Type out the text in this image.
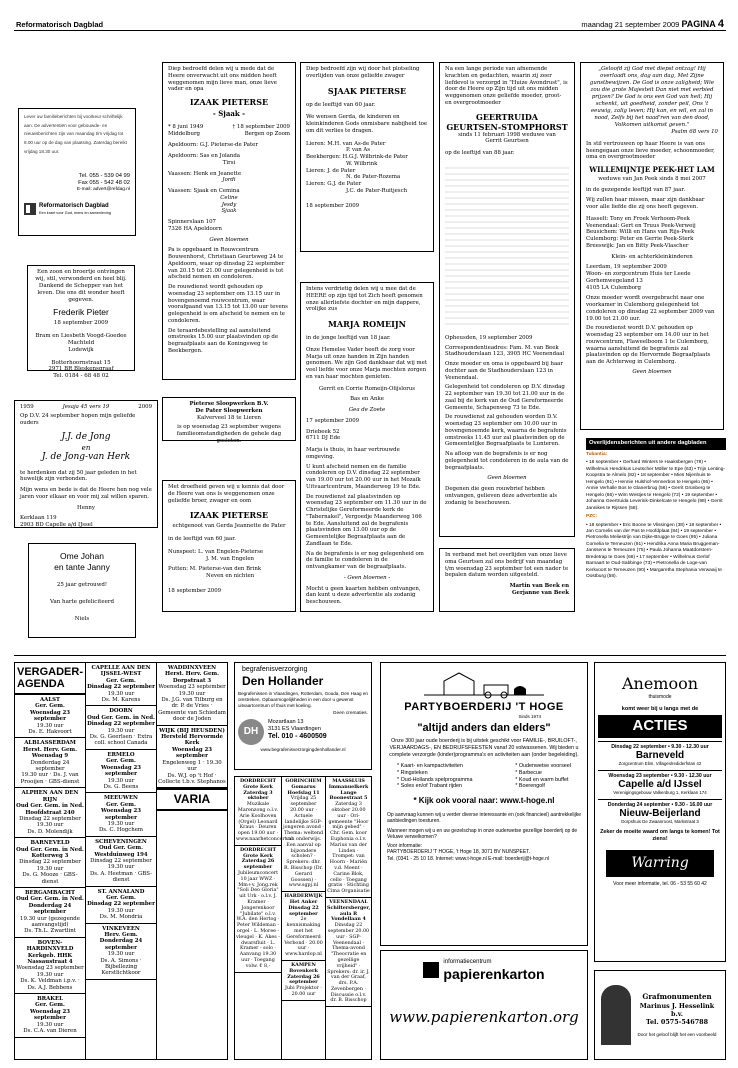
Reformatorisch Dagblad	maandag 21 september 2009 PAGINA 4
Lever uw familieberichten bij voorkeur schriftelijk aan. De advertentiën voor gebouwde- en nieuwsberichten zijn van maandag t/m vrijdag tot 8.00 uur op de dag van plaatsing. Zaterdag bereikt vrijdag 18.30 uur.
Tel. 055 - 539 04 99
Fax 055 - 542 48 02
E-mail: advert@refdag.nl
Reformatorisch Dagblad
Een krant voor God, mens en samenleving
Een zoon en broertje ontvingen wij, stil, verwonderd en heel blij. Dankend de Schepper van het leven. Die ons dit wonder heeft gegeven.
Frederik Pieter
18 september 2009
Bram en Liesbeth Voogd-Goedee
Machteld
Lodewijk
Botterhoornstraat 15
2971 BR Bleskensgraaf
Tel. 0184 - 68 48 02
1959	Jesaja 45 vers 19	2009
Op D.V. 24 september hopen mijn geliefde ouders
J.J. de Jong
en
J. de Jong-van Herk
te herdenken dat zij 50 jaar geleden in het huwelijk zijn verbonden.
Mijn wens en bede is dat de Heere hen nog vele jaren voor elkaar en voor mij zal willen sparen.
Henny
Kerklaan 119
2903 BD Capelle a/d IJssel
Ome Johan
en tante Janny
25 jaar getrouwd!
Van harte gefeliciteerd
Niels
Diep bedroefd delen wij u mede dat de Heere onverwacht uit ons midden heeft weggenomen mijn lieve man, onze lieve vader en opa
IZAAK PIETERSE
- Sjaak -
* 8 juni 1949	† 18 september 2009
Middelburg	Bergen op Zoom
Apeldoorn: G.J. Pieterse-de Pater
Apeldoorn: Sas en Jolanda
Tirsi
Vaassen: Henk en Jeanette
Jordi
Vaassen: Sjaak en Cemina
Celine
Jesdy
Sjaak
Spinnerslaan 107
7326 HA Apeldoorn
Geen bloemen

Pa is opgebaard in Rouwcentrum Bouwenhorst, Christiaan Geurtsweg 24 te Apeldoorn, waar op dinsdag 22 september van 20.15 tot 21.00 uur gelegenheid is tot afscheid nemen en condoleren.

De rouwdienst wordt gehouden op woensdag 23 september om 13.15 uur in bovengenoemd rouwcentrum, waar voorafgaand van 13.15 tot 13.00 uur tevens gelegenheid is om afscheid te nemen en te condoleren.

De teraardebestelling zal aansluitend omstreeks 15.00 uur plaatsvinden op de begraafplaats aan de Koningsweg te Beekbergen.

Pieterse Sloopwerken B.V.
De Pater Sloopwerken
Kalverveel 18 te Lieren
is op woensdag 23 september wegens familieomstandigheden de gehele dag gesloten.
Met droefheid geven wij u kennis dat door de Heere van ons is weggenomen onze geliefde broer, zwager en oom
IZAAK PIETERSE
echtgenoot van Gerda Jeannette de Pater
in de leeftijd van 60 jaar.
Nunspeet: L. van Engelen-Pieterse
J. M. van Engelen
Putten: M. Pieterse-van den Brink
Neven en nichten
18 september 2009
Diep bedroefd zijn wij door het plotseling overlijden van onze geliefde zwager
SJAAK PIETERSE
op de leeftijd van 60 jaar.
We wensen Gerda, de kinderen en kleinkinderen Gods onmisbare nabijheid toe om dit verlies te dragen.
Lieren: M.H. van As-de Pater
P. van As
Beekbergen: H.G.J. Wilbrink-de Pater
W. Wilbrink
Lieren: J. de Pater
N. de Pater-Rozema
Lieren: G.J. de Pater
J.C. de Pater-Ruitjesch
18 september 2009
Intens verdrietig delen wij u mee dat de HEERE op zijn tijd tot Zich heeft genomen onze allerliefste dochter en mijn dappere, vrolijke zus
MARJA ROMEIJN
in de jonge leeftijd van 18 jaar.

Onze Hemelse Vader heeft de zorg voor Marja uit onze handen in Zijn handen genomen. We zijn God dankbaar dat wij met veel liefde voor onze Marja mochten zorgen en van haar mochten genieten.

Gerrit en Corrie Romeijn-Olijslorus
Bas en Anke
Gea de Zoete
17 september 2009
Driebeek 52
6711 DJ Ede

Marja is thuis, in haar vertrouwde omgeving.

U kunt afscheid nemen en de familie condoleren op D.V. dinsdag 22 september van 19.00 uur tot 20.00 uur in het Mozaïk Uitvaartcentrum, Maanderweg 19 te Ede.

De rouwdienst zal plaatsvinden op woensdag 23 september om 11.30 uur in de Christelijke Gereformeerde kerk de "Tabernakel", Vergoedje Maanderweg 166 te Ede. Aansluitend zal de begrafenis plaatsvinden om 13.00 uur op de Gemeentelijke Begraafplaats aan de Zandlaan te Ede.

Na de begrafenis is er nog gelegenheid om de familie te condoleren in de ontvangkamer van de begraafplaats.

- Geen bloemen -

Mocht u geen kaarten hebben ontvangen, dan kunt u deze advertentie als zodanig beschouwen.

Na een lange periode van afnemende krachten en gedachten, waarin zij zeer liefdevol is verzorgd in "Huize Avondrust", is door de Heere op Zijn tijd uit ons midden weggenomen onze geliefde moeder, groot- en overgrootmoeder
GEERTRUIDA
GEURTSEN-STOMPHORST
sinds 11 februari 1998 weduwe van
Gerrit Geurtsen
op de leeftijd van 88 jaar.

Opheusden, 19 september 2009

Correspondentieadres: Fam. M. van Beek Stadhouderslaan 123, 3905 HC Veenendaal

Onze moeder en oma is opgebaard bij haar dochter aan de Stadhouderslaan 123 in Veenendaal.

Gelegenheid tot condoleren op D.V. dinsdag 22 september van 19.30 tot 21.00 uur in de zaal bij de kerk van de Oud Gereformeerde Gemeente, Schapenweg 73 te Ede.

De rouwdienst zal gehouden worden D.V. woensdag 23 september om 10.00 uur in bovengenoemde kerk, waarna de begrafenis omstreeks 11.45 uur zal plaatsvinden op de Gemeentelijke Begraafplaats te Lunteren.

Na afloop van de begrafenis is er nog gelegenheid tot condoleren in de aula van de begraafplaats.

Geen bloemen

Degenen die geen rouwbrief hebben ontvangen, gelieven deze advertentie als zodanig te beschouwen.

In verband met het overlijden van onze lieve oma Geurtsen zal ons bedrijf van maandag t/m woensdag 23 september tot een nader te bepalen datum worden uitgesteld.
Martin van Beek en
Gerjanne van Beek
„Geloofd zij God met diepst ontzag! Hij overlaadt ons, dag aan dag, Met Zijne gunstbewijzen. De God is onze zaligheid; Wie zou die grote Majesteit Dan niet met eerbied prijzen? De God is ons een God van heil; Hij schenkt, uit goedheid, zonder peil, Ons 't eeuwig, zalig leven; Hij kan, en wil, en zal in nood, Zelfs bij het naad'ren van den dood, Volkomen uitkomst geven."
Psalm 68 vers 10
In stil vertrouwen op haar Heere is van ons heengegaan onze lieve moeder, schoonmoeder, oma en overgrootmoeder
WILLEMIJNTJE PEEK-HET LAM
weduwe van Jan Peek sinds 8 mei 2007
in de gezegende leeftijd van 87 jaar.
Wij zullen haar missen, maar zijn dankbaar voor alle liefde die zij ons heeft gegeven.
Hasselt: Tony en Froek Verhoom-Peek
Veenendaal: Gert en Truus Peek-Verweij
Beusichem: Willi en Hans van Rijs-Peek
Culemborg: Peter en Gerrie Peek-Sterk
Breeswijk: Jan en Bitty Peek-Vlascher
Klein- en achterkleinkinderen
Leerdam, 19 september 2009
Woon- en zorgcentrum Huis ter Leede
Gorhemwegeland 13
4105 LA Culemborg

Onze moeder wordt overgebracht naar one voorkamer in Culemborg gelegenheid tot condoleren op dinsdag 22 september 2009 van 19.00 tot 21.00 uur.

De rouwdienst wordt D.V. gehouden op woensdag 23 september om 14.00 uur in het rouwcentrum, Flaweelboom 1 te Culemborg, waarna aansluitend de begrafenis zal plaatsvinden op de Hervormde Begraafplaats aan de Achterweg in Culemborg.

Geen bloemen
Overlijdensberichten uit andere dagbladen
Tubantia:
• 18 september • Gerhard Winters te Haaksbergen (78) • Wilhelmus Hendrikus Leutscher Möller te Epe (63) • Trijn Lenting-Koopstra te Almelo (82) • 18 september • Mies Nijenhuis te Hengelo (91) • Hennie Hulshof-Vennerbos te Hengelo (86) • Annie Verhalle Bos te Glanerbrug (56) • Gerrit Grünberg te Hengelo (66) • Wim Westjes te Hengelo (72) • 19 september • Johanna Geertruida Leverink-Dinkelcate te Hengelo (98) • Gerrit Jannikes te Rijssen (58).
PZC:
• 18 september • Eric Boone te Vlissingen (38) • 18 september • Jan Cornelis van der Pas te Hoofdplaat (84) • 19 september • Pietronella Meliestrijn van Dijke-Brugge te Goes (95) • Juliana Cornelia te Terneuzen (91) • Hendrika Anna Maria Bruggeman-Janssens te Terneuzen (75) • Paula Johanna Maatdorstern-Bredetrap te Goes (68) • 17 september • Wilhelmus Gerlof Barnaart te Oud-Sabbinge (73) • Pietronella de Loge-van Kerkvoort te Terneuzen (90) • Margaretha Stephania Verwaaij te Oostburg (58).
VERGADER-AGENDA
AALST
Ger. Gem.
Woensdag 23 september
19.30 uur
Ds. E. Hakvoort
ALBLASSERDAM
Herst. Herv. Gem.
Woensdag 9
Donderdag 24 september
19.30 uur · Ds. J. van Prooijen · GBS-dienst
ALPHEN AAN DEN RIJN
Oud Ger. Gem. in Ned.
Hoofdstraat 240
Dinsdag 22 september 19.30 uur
Ds. D. Molendijk
BARNEVELD
Oud Ger. Gem. in Ned.
Kotterweg 3
Dinsdag 22 september 19.30 uur
Ds. G. Mooze · GBS-dienst
BERGAMBACHT
Oud Ger. Gem. in Ned.
Donderdag 24 september
19.30 uur (gezegende aanvangstijd)
Ds. Th.L. Zwartlint
BOVEN-HARDINXVELD
Kerkgeb. HHK
Nassaustraat 4
Woensdag 23 september 19.30 uur
Ds. K. Veldman i.p.v. · Ds. A.J. Bebbens
BRAKEL
Ger. Gem.
Woensdag 23 september
19.30 uur
Ds. C.A. van Dieren
CAPELLE AAN DEN IJSSEL-WEST
Ger. Gem.
Dinsdag 22 september
19.30 uur
Ds. M. Karens
DOORN
Oud Ger. Gem. in Ned.
Dinsdag 22 september
19.30 uur
Ds. G. Geerlsen · Extra coll. school Canada
ERMELO
Ger. Gem.
Woensdag 23 september
19.30 uur
Ds. G. Beens
MEEUWEN
Ger. Gem.
Woensdag 23 september
19.30 uur
Ds. C. Hogchem
SCHEVENINGEN
Oud Ger. Gem.
Westduinweg 194
Dinsdag 22 september 19.30 uur
Ds. A. Heetman · GBS-dienst
ST. ANNALAND
Ger. Gem.
Dinsdag 22 september
19.30 uur
Ds. M. Mondria
VINKEVEEN
Herv. Gem.
Donderdag 24 september
19.30 uur
Ds. A. Simons · Bijbellezing Kerstlichtkoor
WADDINXVEEN
Herst. Herv. Gem.
Dorpstraat 3
Woensdag 23 september 19.30 uur
Ds. J.G. van Tilburg en dr. P. de Vries · Gemeente van Schiedam door de Joden
WIJK (BIJ HEUSDEN)
Hersteld Hervormde Kerk
Woensdag 23 september
Engelenweg 1 · 19.30 uur
Ds. W.J. op 't Hof · Collecte t.b.v. Stephanos
VARIA
begrafenisverzorging
Den Hollander
Begrafenissen in Vlaardingen, Rotterdam, Gouda, Den Haag en omstreken. Opbaarmogelijkheden in een door u gewenst uitvaartcentrum of thuis met koeling.
Geen crematies.
DH
Mozartlaan 13
3131 ES Vlaardingen
Tel. 010 - 4600509
www.begrafenisverzorgingdenhollander.nl
DORDRECHT
Grote Kerk
Zaterdag 3 oktober
Muzikale Marenzong o.l.v. Arie Koolhoven (Orgel) Leonard Kraus · Deuren open 19.00 uur · www.naarhetconcert.nl
DORDRECHT
Grote Kerk
Zaterdag 26 september
Jubileumconcert 10 jaar WWZ · Mm+v. Jong.rek "Soli Deo Gloria" uit Urk · o.l.v. J. Kramer · Jongerenkoor "Jubilate" o.l.v. W.A. den Hertog · Peter Wildeman - orgel · L. Moree - vleugel · K. Akes - dwarsfluit · L. Kramer - solo · Aanvang 19.30 uur · Toegang volw. € 8,-
GORINCHEM
Gomarus
Hoefslag 11
Vrijdag 25 september 20.00 uur · Actuele landelijke SGP-jongeren avond · Thema: weltend van onderwijs. Een aanval op bijzondere scholen? · Sprekers: dhr. R. Bisschop (Dr. Gerard Goossen) · www.sgpj.nl
HARDERWIJK
Het Anker
Dinsdag 22 september
2e kennismaking met het Gereformeerd Verbond · 20.00 uur · www.hardop.nl
KAMPEN
Bovenkerk
Zaterdag 26 september
Jubi Projektor · 20.00 uur
MAASSLUIS
Immanuelkerk
Lange Boonestraat 5
Zaterdag 3 oktober 20.00 uur · Ori-gemeente "Hoor mijn gebed" · Chr. Gem. koor Euphonia o.l.v. Marius van der Linden · Trompet: van Hoorn · Mariën v.d. Meent · Carine Blok, cello · Toegang gratis · Stichting Cima Organisatie
VEENENDAAL
Schiltersberger, aula R
Vondellaan 4
Dinsdag 22 september 20.00 uur · SGP-Veenendaal · Thema-avond "Theocratie en gezellige vrijheid" · Sprekers: dr. ir. J. van der Graaf, drs. P.A. Zevenbergen · Discussie o.l.v. dr. B. Bisschop
PARTYBOERDERIJ 'T HOGE
Sinds 1974
"altijd anders dan elders"
Onze 300 jaar oude boerderij is bij uitstek geschikt voor FAMILIE-, BRUILOFT-, VERJAARDAGS-, EN BEDRIJFSFEESTEN vanaf 20 volwassenen. Wij bieden u complete verzorgde (kinder)programma's en activiteiten aan (onder begeleiding).
* Kaart- en kampactiviteiten
* Ringsteken
* Oud-Hollands spelprogramma
* Soles en/of Trabant rijden
* Oudenwetse voorseel
* Barbecue
* Koud en warm buffet
* Boerengolf
* Kijk ook vooral naar: www.t-hoge.nl
Op aanvraag kunnen wij u verder diverse interessante en (ook financieel) aantrekkelijke aanbiedingen toesturen.
Wanneer mogen wij u en uw gezelschap in onze ouderwetse gezellige boerderij op de Veluwe verwelkomen?
Voor informatie:
PARTYBOERDERIJ 'T HOGE, 't Hoge 18, 3071 BV NUNSPEET.
Tel. (0341 - 25 10 18. Internet: www.t-hoge.nl E-mail: boerderij@t-hoge.nl
informatiecentrum
papierenkarton
www.papierenkarton.org
Anemoon
thuismode
komt weer bij u langs met de
ACTIES
Dinsdag 22 september • 9.30 - 12.30 uur
Barneveld
Zorgcentrum Elim, Villageslrediderfstan 42
Woensdag 23 september • 9.30 - 12.30 uur
Capelle a/d IJssel
Verenigingsgebouw Valkenburg 1, Kerklaan 174
Donderdag 24 september • 9.30 - 16.00 uur
Nieuw-Beijerland
Dorpshuis De Zwaanroost, Markstraat 3
Zeker de moeite waard om langs te komen! Tot ziens!
Warring
Voor meer informatie, tel. 06 - 53 55 60 42
Grafmonumenten
Marinus J. Hesselink b.v.
Tel. 0575-546788
Door het geloof blijft het een voorbeeld
